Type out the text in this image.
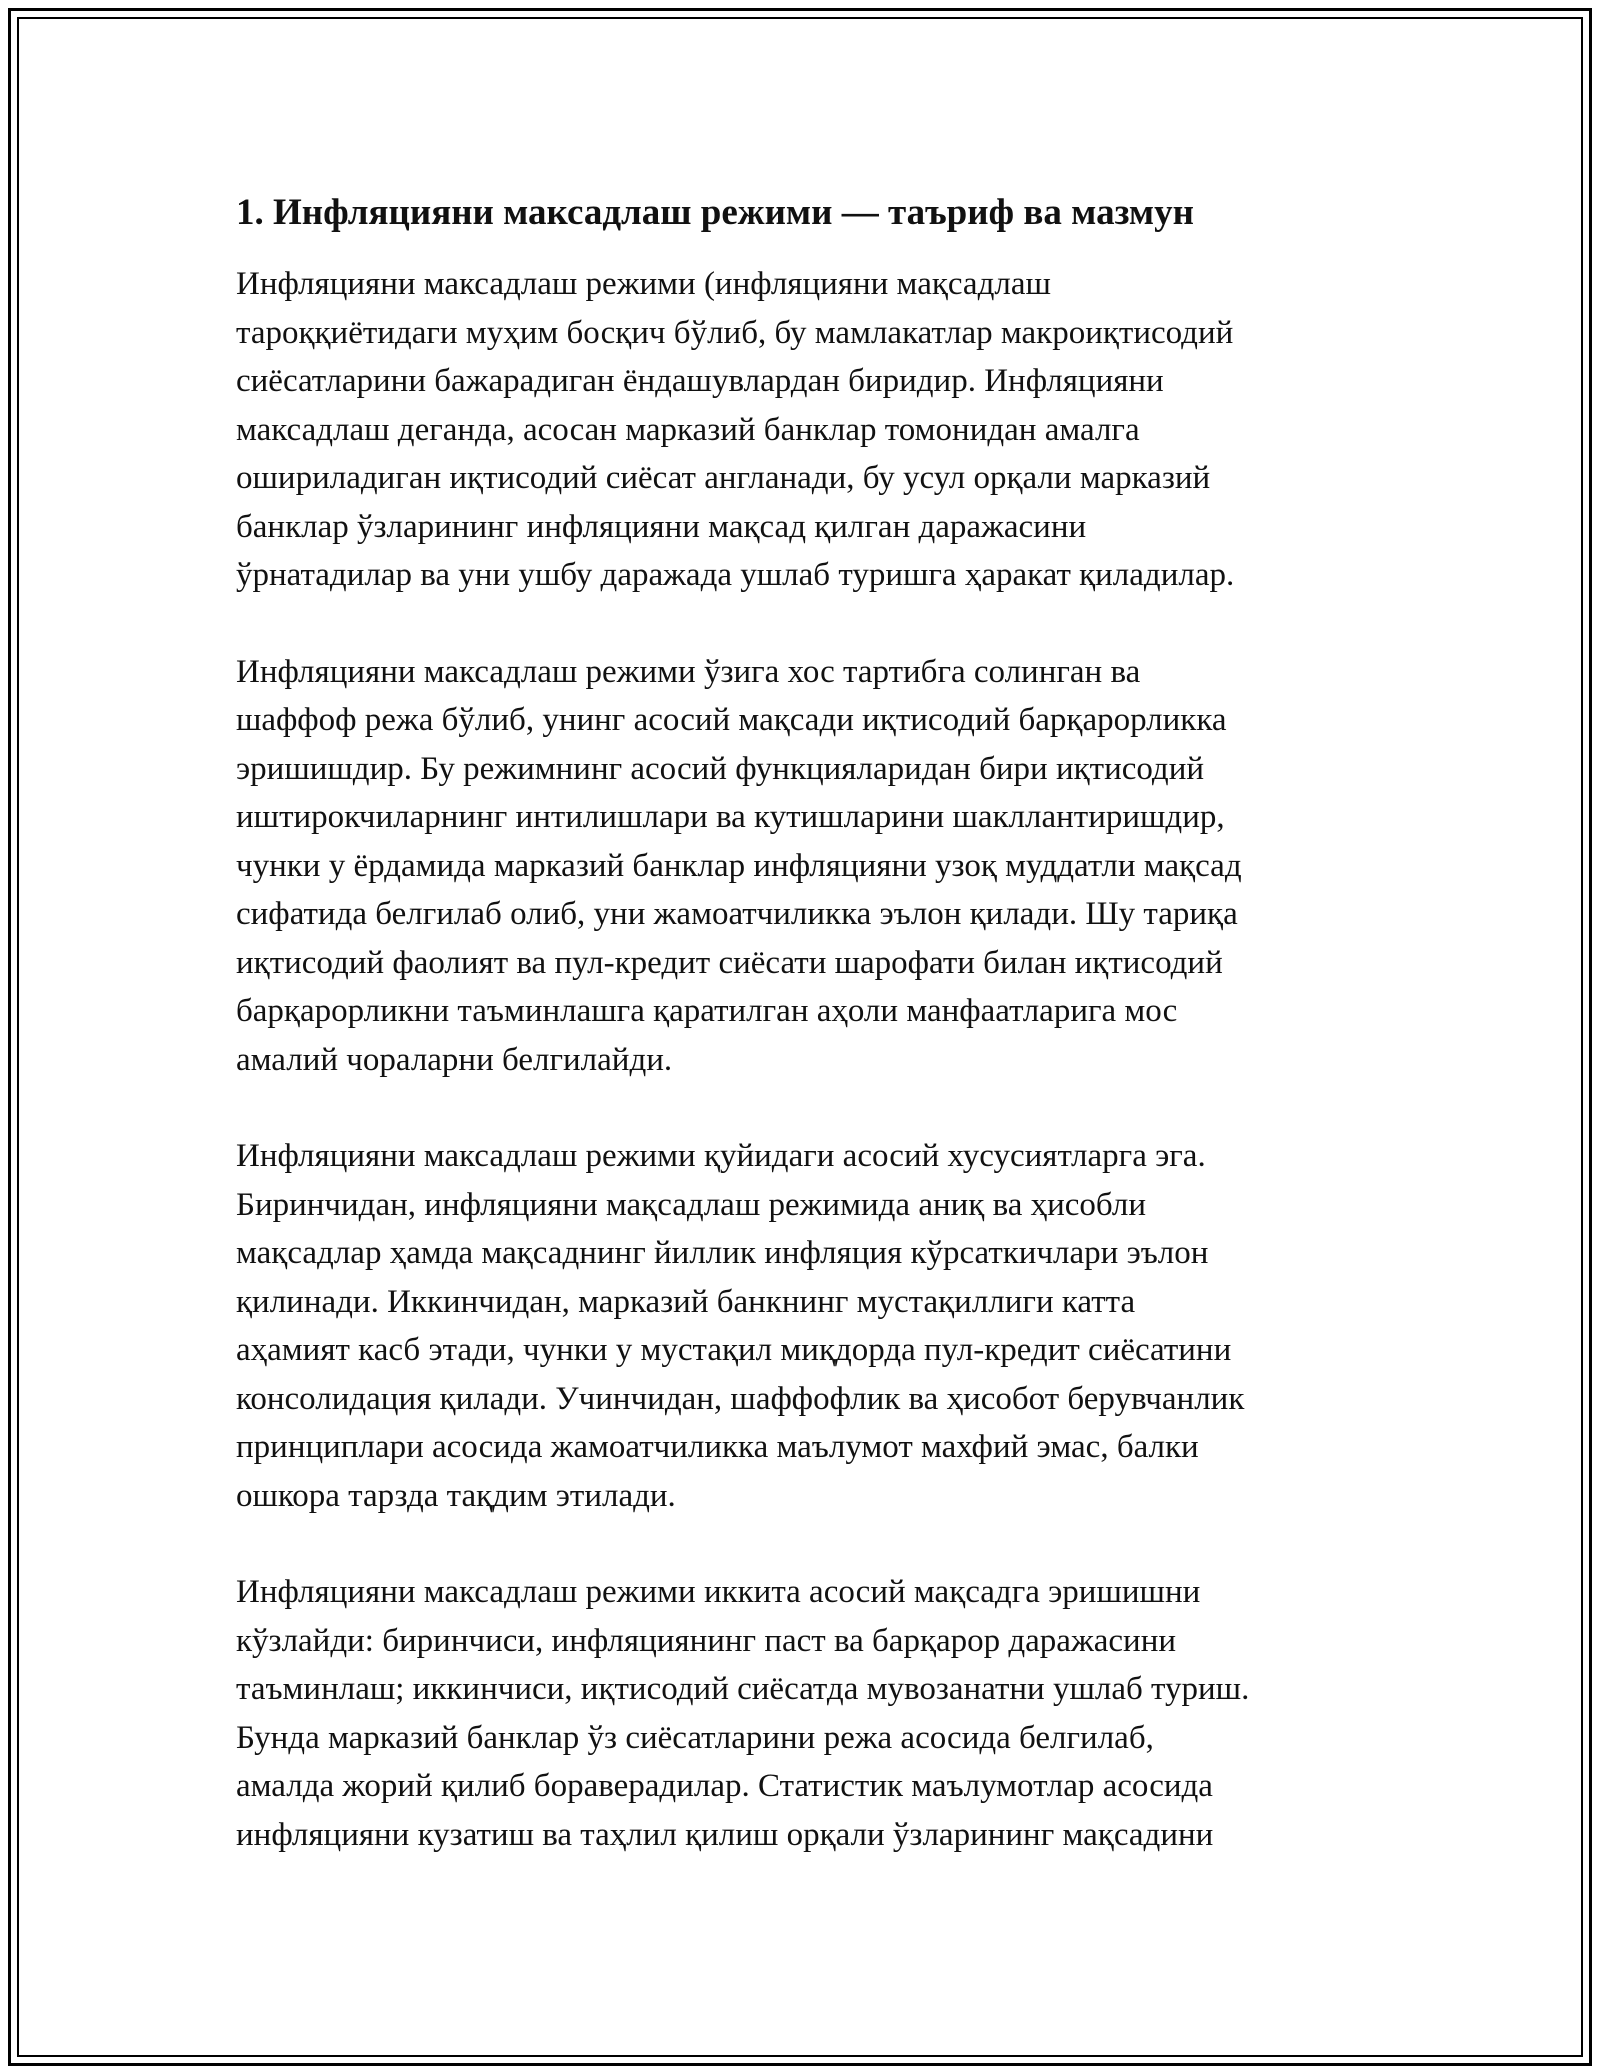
1. Инфляцияни максадлаш режими — таъриф ва мазмун

Инфляцияни максадлаш режими (инфляцияни мақсадлаш
тароққиётидаги муҳим босқич бўлиб, бу мамлакатлар макроиқтисодий
сиёсатларини бажарадиган ёндашувлардан биридир. Инфляцияни
максадлаш деганда, асосан марказий банклар томонидан амалга
ошириладиган иқтисодий сиёсат англанади, бу усул орқали марказий
банклар ўзларининг инфляцияни мақсад қилган даражасини
ўрнатадилар ва уни ушбу даражада ушлаб туришга ҳаракат қиладилар.

Инфляцияни максадлаш режими ўзига хос тартибга солинган ва
шаффоф режа бўлиб, унинг асосий мақсади иқтисодий барқарорликка
эришишдир. Бу режимнинг асосий функцияларидан бири иқтисодий
иштирокчиларнинг интилишлари ва кутишларини шакллантиришдир,
чунки у ёрдамида марказий банклар инфляцияни узоқ муддатли мақсад
сифатида белгилаб олиб, уни жамоатчиликка эълон қилади. Шу тариқа
иқтисодий фаолият ва пул-кредит сиёсати шарофати билан иқтисодий
барқарорликни таъминлашга қаратилган аҳоли манфаатларига мос
амалий чораларни белгилайди.

Инфляцияни максадлаш режими қуйидаги асосий хусусиятларга эга.
Биринчидан, инфляцияни мақсадлаш режимида аниқ ва ҳисобли
мақсадлар ҳамда мақсаднинг йиллик инфляция кўрсаткичлари эълон
қилинади. Иккинчидан, марказий банкнинг мустақиллиги катта
аҳамият касб этади, чунки у мустақил миқдорда пул-кредит сиёсатини
консолидация қилади. Учинчидан, шаффофлик ва ҳисобот берувчанлик
принциплари асосида жамоатчиликка маълумот махфий эмас, балки
ошкора тарзда тақдим этилади.

Инфляцияни максадлаш режими иккита асосий мақсадга эришишни
кўзлайди: биринчиси, инфляциянинг паст ва барқарор даражасини
таъминлаш; иккинчиси, иқтисодий сиёсатда мувозанатни ушлаб туриш.
Бунда марказий банклар ўз сиёсатларини режа асосида белгилаб,
амалда жорий қилиб бораверадилар. Статистик маълумотлар асосида
инфляцияни кузатиш ва таҳлил қилиш орқали ўзларининг мақсадини
